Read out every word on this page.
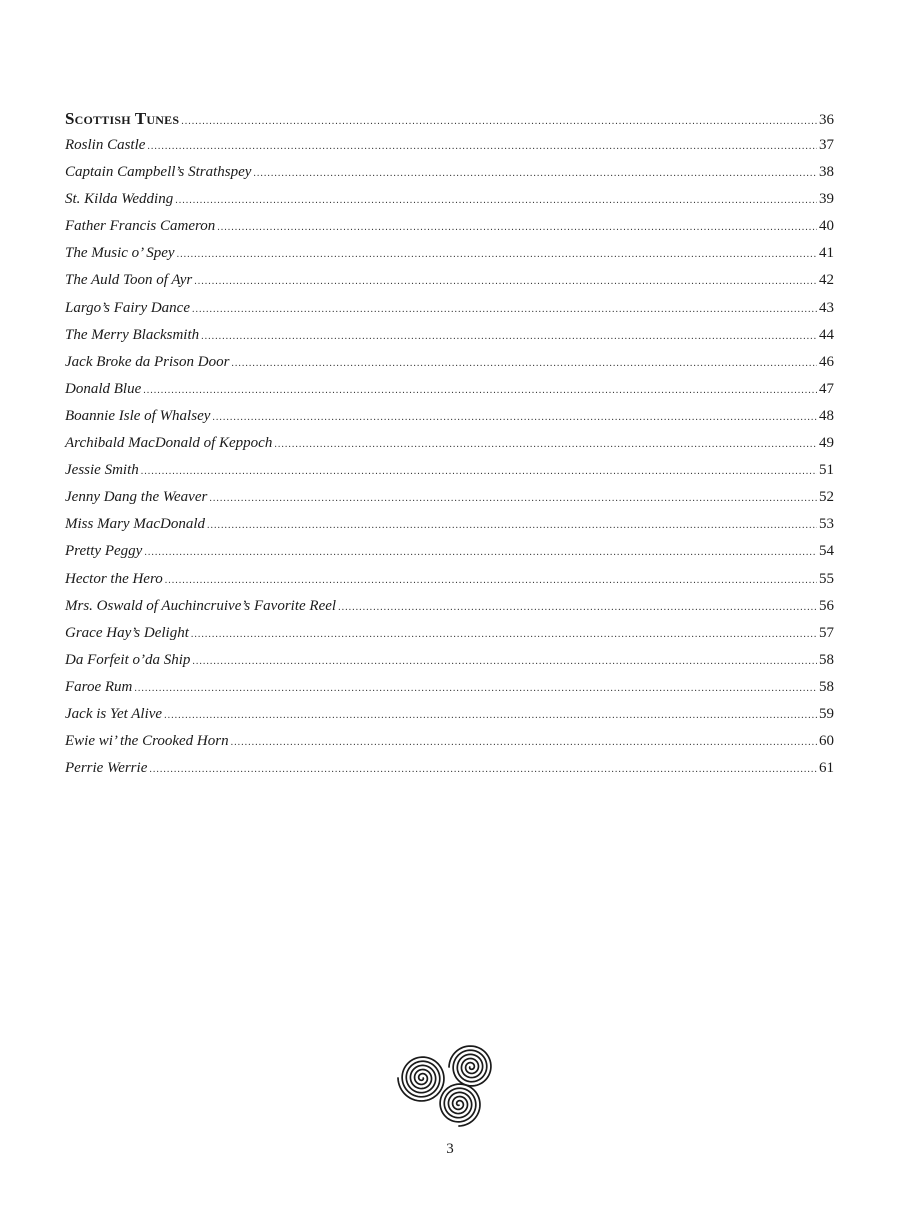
Scottish Tunes .....	36
Roslin Castle .....	37
Captain Campbell’s Strathspey .....	38
St. Kilda Wedding .....	39
Father Francis Cameron .....	40
The Music o’ Spey .....	41
The Auld Toon of Ayr .....	42
Largo’s Fairy Dance .....	43
The Merry Blacksmith .....	44
Jack Broke da Prison Door .....	46
Donald Blue .....	47
Boannie Isle of Whalsey .....	48
Archibald MacDonald of Keppoch .....	49
Jessie Smith .....	51
Jenny Dang the Weaver .....	52
Miss Mary MacDonald .....	53
Pretty Peggy .....	54
Hector the Hero .....	55
Mrs. Oswald of Auchincruive’s Favorite Reel .....	56
Grace Hay’s Delight .....	57
Da Forfeit o’da Ship .....	58
Faroe Rum .....	58
Jack is Yet Alive .....	59
Ewie wi’ the Crooked Horn .....	60
Perrie Werrie .....	61
3
